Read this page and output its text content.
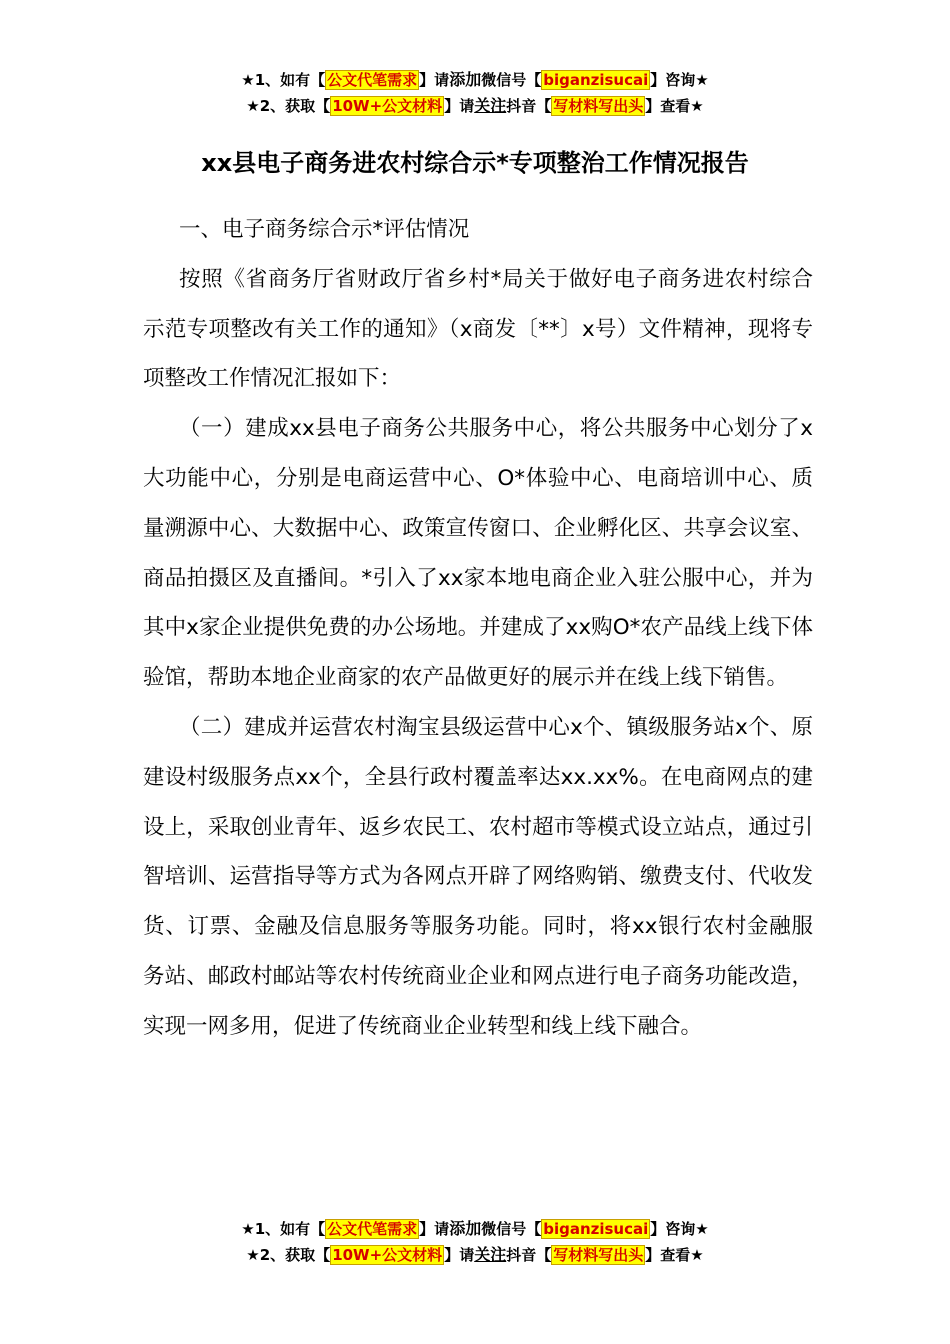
★1、如有【 公文代笔需求 】请添加微信号【 biganzisucai 】咨询★
★2、获取【 10W+公文材料 】请关注抖音【 写材料写出头 】查看★
xx县电子商务进农村综合示*专项整治工作情况报告

一、电子商务综合示*评估情况

按照《省商务厅省财政厅省乡村*局关于做好电子商务进农村综合示范专项整改有关工作的通知》（x商发〔**〕x号）文件精神，现将专项整改工作情况汇报如下：

（一）建成xx县电子商务公共服务中心，将公共服务中心划分了x大功能中心，分别是电商运营中心、O*体验中心、电商培训中心、质量溯源中心、大数据中心、政策宣传窗口、企业孵化区、共享会议室、商品拍摄区及直播间。*引入了xx家本地电商企业入驻公服中心，并为其中x家企业提供免费的办公场地。并建成了xx购O*农产品线上线下体验馆，帮助本地企业商家的农产品做更好的展示并在线上线下销售。

（二）建成并运营农村淘宝县级运营中心x个、镇级服务站x个、原建设村级服务点xx个，全县行政村覆盖率达xx.xx%。在电商网点的建设上，采取创业青年、返乡农民工、农村超市等模式设立站点，通过引智培训、运营指导等方式为各网点开辟了网络购销、缴费支付、代收发货、订票、金融及信息服务等服务功能。同时，将xx银行农村金融服务站、邮政村邮站等农村传统商业企业和网点进行电子商务功能改造，实现一网多用，促进了传统商业企业转型和线上线下融合。

★1、如有【 公文代笔需求 】请添加微信号【 biganzisucai 】咨询★
★2、获取【 10W+公文材料 】请关注抖音【 写材料写出头 】查看★
